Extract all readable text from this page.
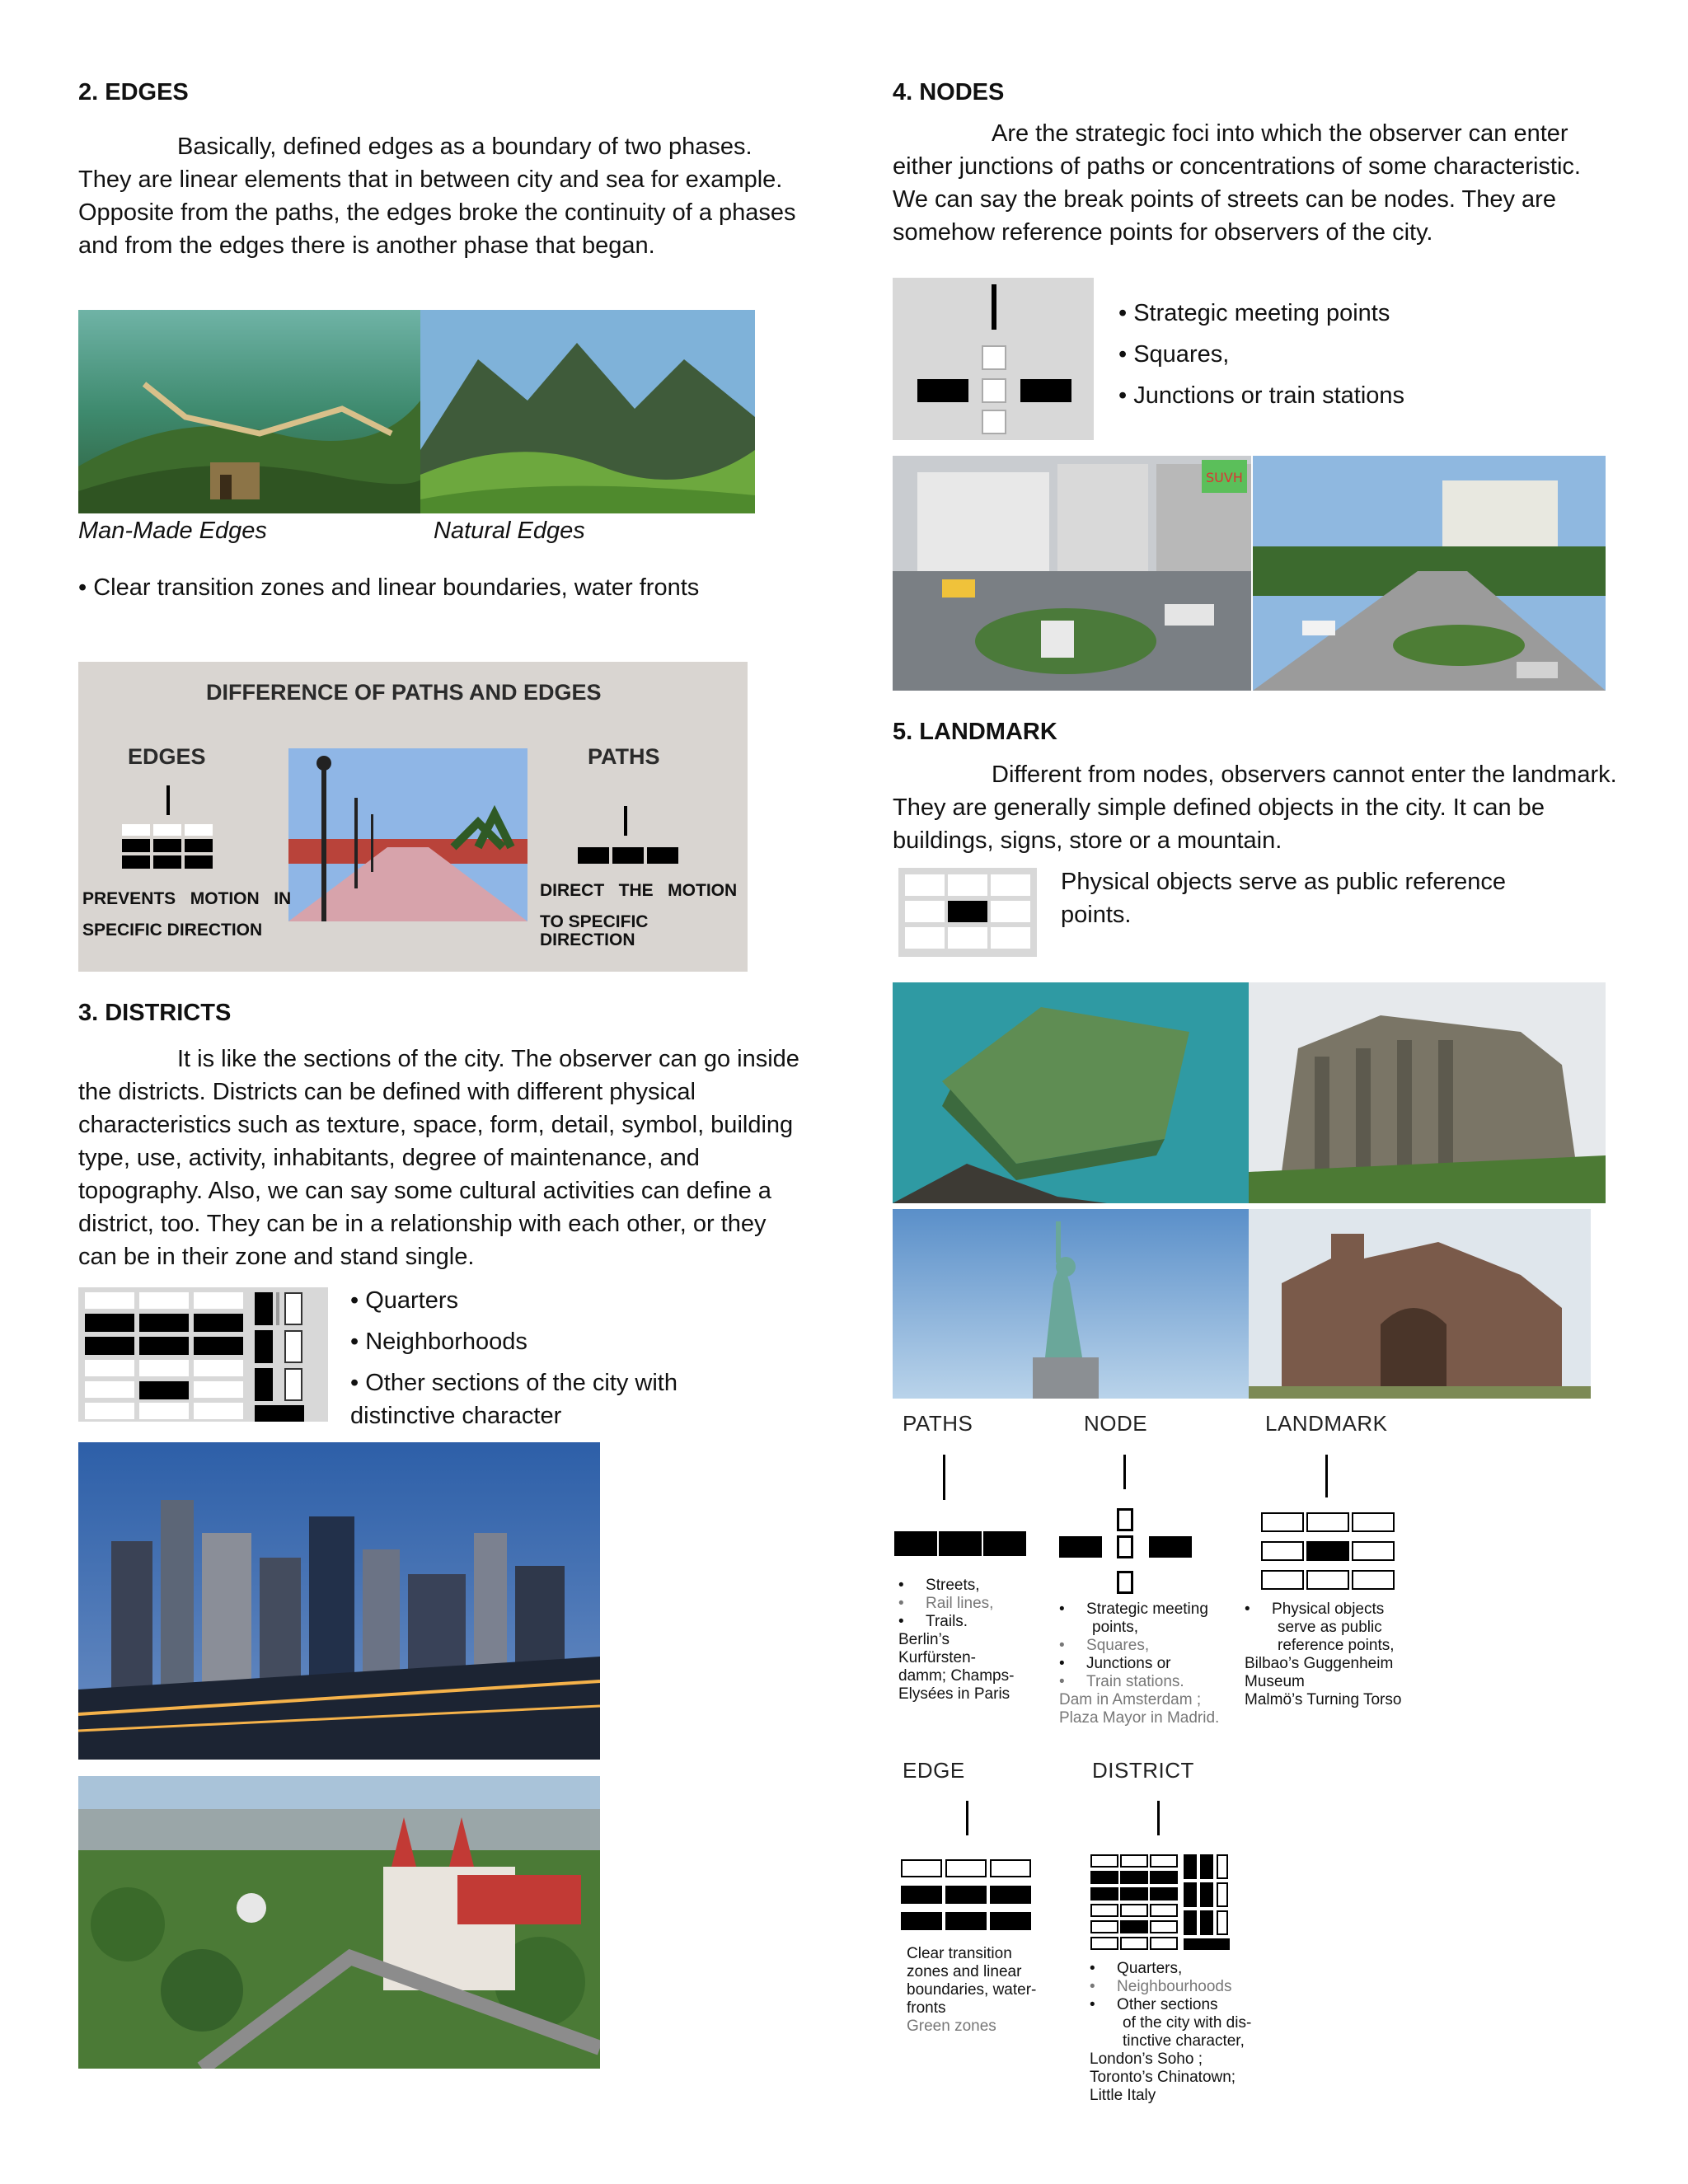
2. EDGES
Basically, defined edges as a boundary of two phases. They are linear elements that in between city and sea for example. Opposite from the paths, the edges broke the continuity of a phases and from the edges there is another phase that began.
Man-Made Edges	Natural Edges
• Clear transition zones and linear boundaries, water fronts
DIFFERENCE OF PATHS AND EDGES
EDGES	PATHS
PREVENTS   MOTION   IN
SPECIFIC DIRECTION
DIRECT   THE   MOTION
TO SPECIFIC DIRECTION
3. DISTRICTS
It is like the sections of the city. The observer can go inside the districts. Districts can be defined with different physical characteristics such as texture, space, form, detail, symbol, building type, use, activity, inhabitants, degree of maintenance, and topography. Also, we can say some cultural activities can define a district, too. They can be in a relationship with each other, or they can be in their zone and stand single.
• Quarters
• Neighborhoods
• Other sections of the city with distinctive character
4. NODES
Are the strategic foci into which the observer can enter either junctions of paths or concentrations of some characteristic. We can say the break points of streets can be nodes. They are somehow reference points for observers of the city.
• Strategic meeting points
• Squares,
• Junctions or train stations
SUVH
5. LANDMARK
Different from nodes, observers cannot enter the landmark. They are generally simple defined objects in the city. It can be buildings, signs, store or a mountain.
Physical objects serve as public reference points.
PATHS
•     Streets,
•     Rail lines,
•     Trails.
Berlin’s Kurfürsten-
damm; Champs-
Elysées in Paris
NODE
•     Strategic meeting
points,
•     Squares,
•     Junctions or
•     Train stations.
Dam in Amsterdam ;
Plaza Mayor in Madrid.
LANDMARK
•     Physical objects
serve as public
reference points,
Bilbao’s Guggenheim
Museum
Malmö’s Turning Torso
EDGE
Clear transition
zones and linear
boundaries, water-
fronts
Green zones
DISTRICT
•     Quarters,
•     Neighbourhoods
•     Other sections
of the city with dis-
tinctive character,
London’s Soho ;
Toronto’s Chinatown;
Little Italy
